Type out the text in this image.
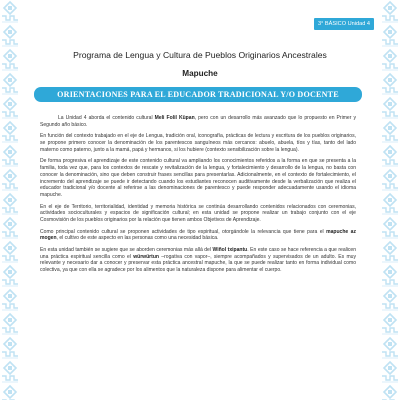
3° BÁSICO Unidad 4
Programa de Lengua y Cultura de Pueblos Originarios Ancestrales
Mapuche
ORIENTACIONES PARA EL EDUCADOR TRADICIONAL Y/O DOCENTE

La Unidad 4 aborda el contenido cultural Meli Folil Küpan, pero con un desarrollo más avanzado que lo propuesto en Primer y Segundo año básico.

En función del contexto trabajado en el eje de Lengua, tradición oral, iconografía, prácticas de lectura y escritura de los pueblos originarios, se propone primero conocer la denominación de los parentescos sanguíneos más cercanos: abuelo, abuela, tíos y tías, tanto del lado materno como paterno, junto a la mamá, papá y hermanos, si los hubiere (contexto sensibilización sobre la lengua).

De forma progresiva el aprendizaje de este contenido cultural va ampliando los conocimientos referidos a la forma en que se presenta a la familia, toda vez que, para los contextos de rescate y revitalización de la lengua, y fortalecimiento y desarrollo de la lengua, no basta con conocer la denominación, sino que deben construir frases sencillas para presentarlas. Adicionalmente, en el contexto de fortalecimiento, el incremento del aprendizaje se puede ir detectando cuando los estudiantes reconocen auditivamente desde la verbalización que realiza el educador tradicional y/o docente al referirse a las denominaciones de parentesco y puede responder adecuadamente usando el idioma mapuche.

En el eje de Territorio, territorialidad, identidad y memoria histórica se continúa desarrollando contenidos relacionados con ceremonias, actividades socioculturales y espacios de significación cultural; en esta unidad se propone realizar un trabajo conjunto con el eje Cosmovisión de los pueblos originarios por la relación que tienen ambos Objetivos de Aprendizaje.

Como principal contenido cultural se proponen actividades de tipo espiritual, otorgándole la relevancia que tiene para el mapuche az mogen, el cultivo de este aspecto en las personas como una necesidad básica.

En esta unidad también se sugiere que se aborden ceremonias más allá del Wiñol txipantu. En este caso se hace referencia a que realicen una práctica espiritual sencilla como el würwürtun –rogativa con vapor–, siempre acompañados y supervisados de un adulto. Es muy relevante y necesario dar a conocer y preservar esta práctica ancestral mapuche, la que se puede realizar tanto en forma individual como colectiva, ya que con ella se agradece por los alimentos que la naturaleza dispone para alimentar el cuerpo.
